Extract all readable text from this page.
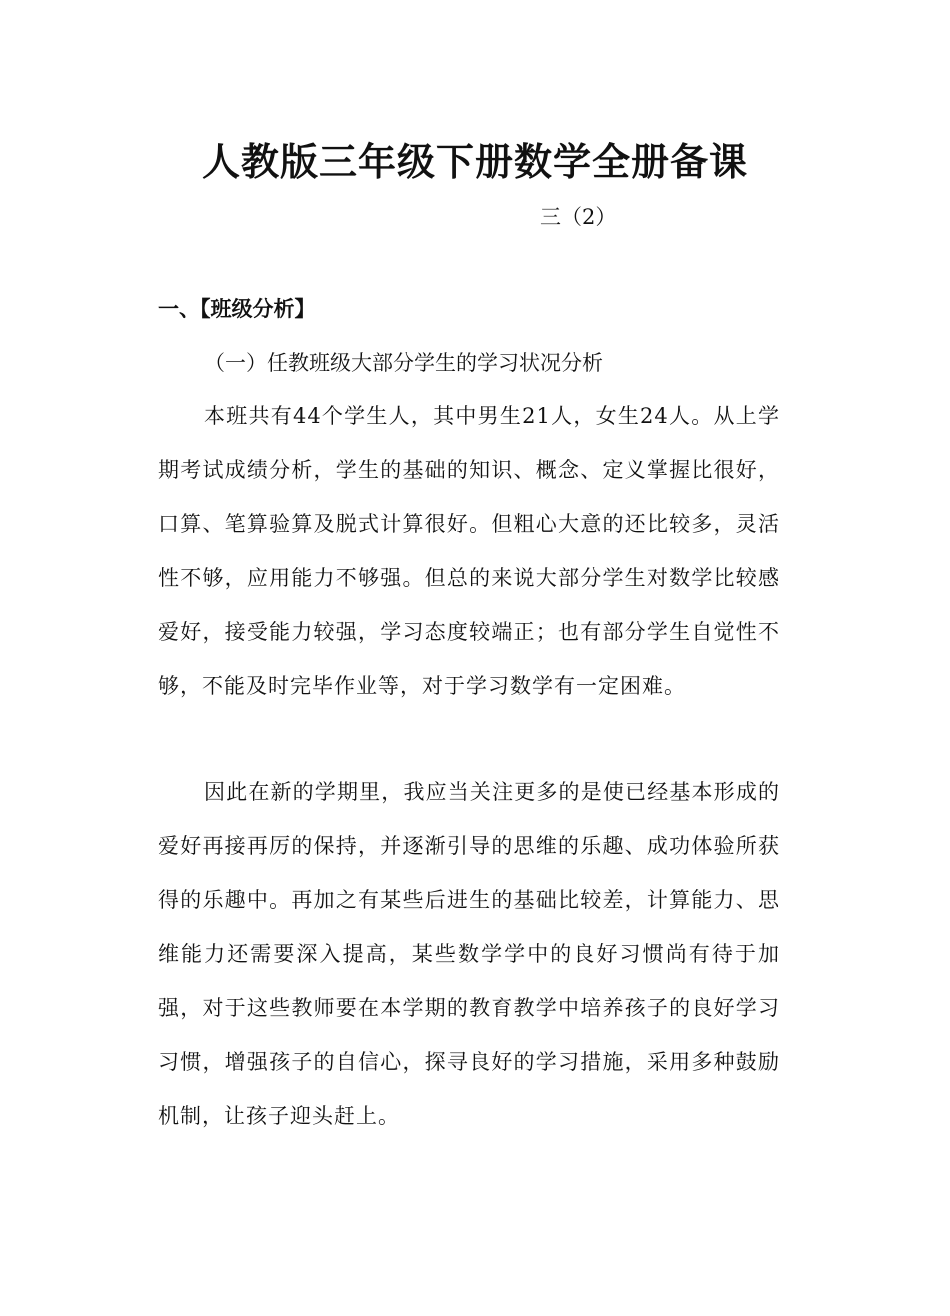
人教版三年级下册数学全册备课
三（2）
一、【班级分析】
（一）任教班级大部分学生的学习状况分析

本班共有44个学生人，其中男生21人，女生24人。从上学期考试成绩分析，学生的基础的知识、概念、定义掌握比很好，口算、笔算验算及脱式计算很好。但粗心大意的还比较多，灵活性不够，应用能力不够强。但总的来说大部分学生对数学比较感爱好，接受能力较强，学习态度较端正；也有部分学生自觉性不够，不能及时完毕作业等，对于学习数学有一定困难。

因此在新的学期里，我应当关注更多的是使已经基本形成的爱好再接再厉的保持，并逐渐引导的思维的乐趣、成功体验所获得的乐趣中。再加之有某些后进生的基础比较差，计算能力、思维能力还需要深入提高，某些数学学中的良好习惯尚有待于加强，对于这些教师要在本学期的教育教学中培养孩子的良好学习习惯，增强孩子的自信心，探寻良好的学习措施，采用多种鼓励机制，让孩子迎头赶上。
